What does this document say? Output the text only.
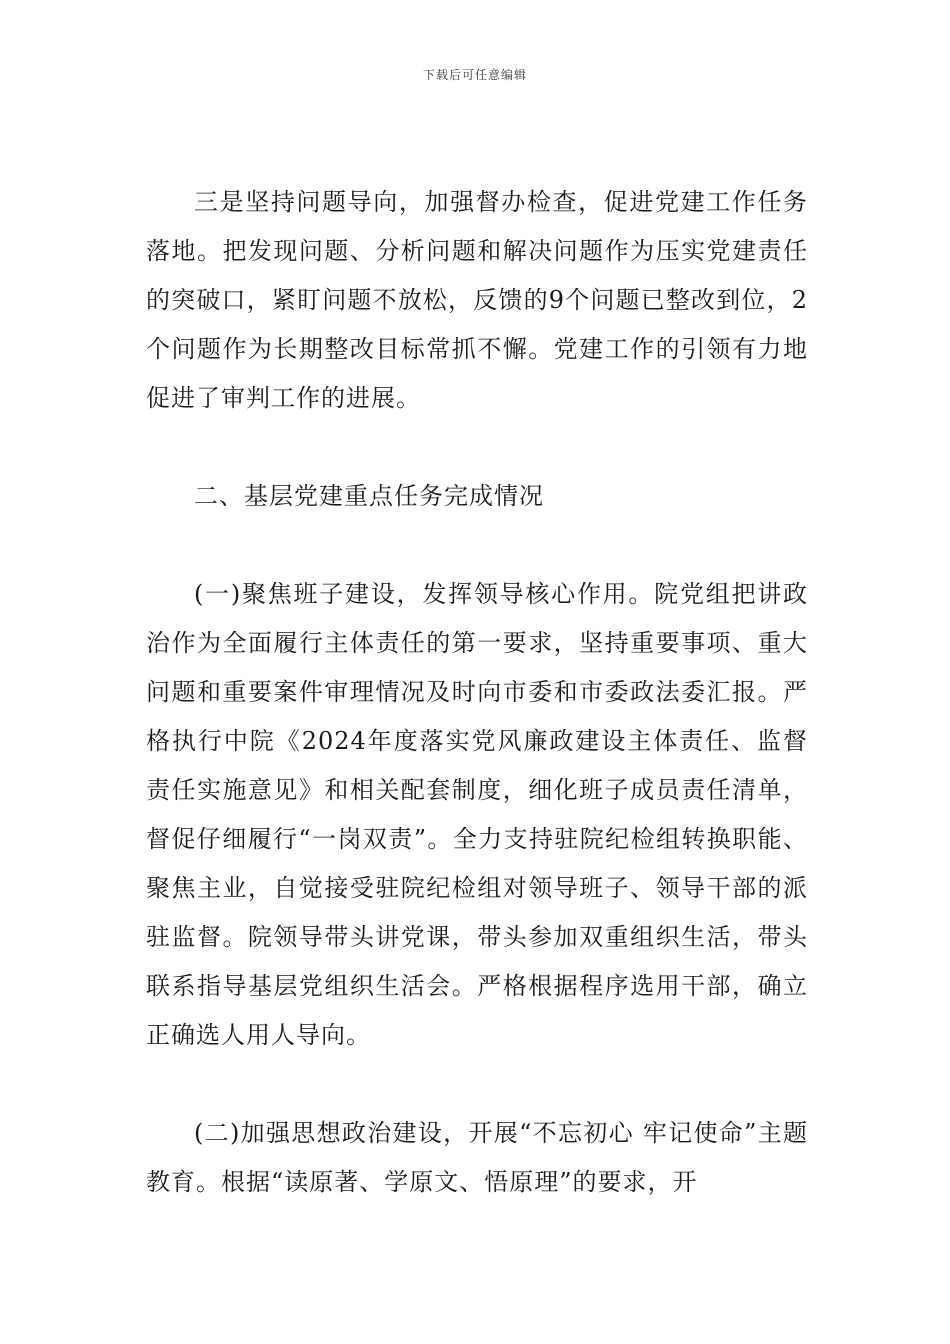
下载后可任意编辑

三是坚持问题导向，加强督办检查，促进党建工作任务落地。把发现问题、分析问题和解决问题作为压实党建责任的突破口，紧盯问题不放松，反馈的9个问题已整改到位，2个问题作为长期整改目标常抓不懈。党建工作的引领有力地促进了审判工作的进展。

二、基层党建重点任务完成情况

(一)聚焦班子建设，发挥领导核心作用。院党组把讲政治作为全面履行主体责任的第一要求，坚持重要事项、重大问题和重要案件审理情况及时向市委和市委政法委汇报。严格执行中院《2024年度落实党风廉政建设主体责任、监督责任实施意见》和相关配套制度，细化班子成员责任清单，督促仔细履行“一岗双责”。全力支持驻院纪检组转换职能、聚焦主业，自觉接受驻院纪检组对领导班子、领导干部的派驻监督。院领导带头讲党课，带头参加双重组织生活，带头联系指导基层党组织生活会。严格根据程序选用干部，确立正确选人用人导向。

(二)加强思想政治建设，开展“不忘初心 牢记使命”主题教育。根据“读原著、学原文、悟原理”的要求，开
